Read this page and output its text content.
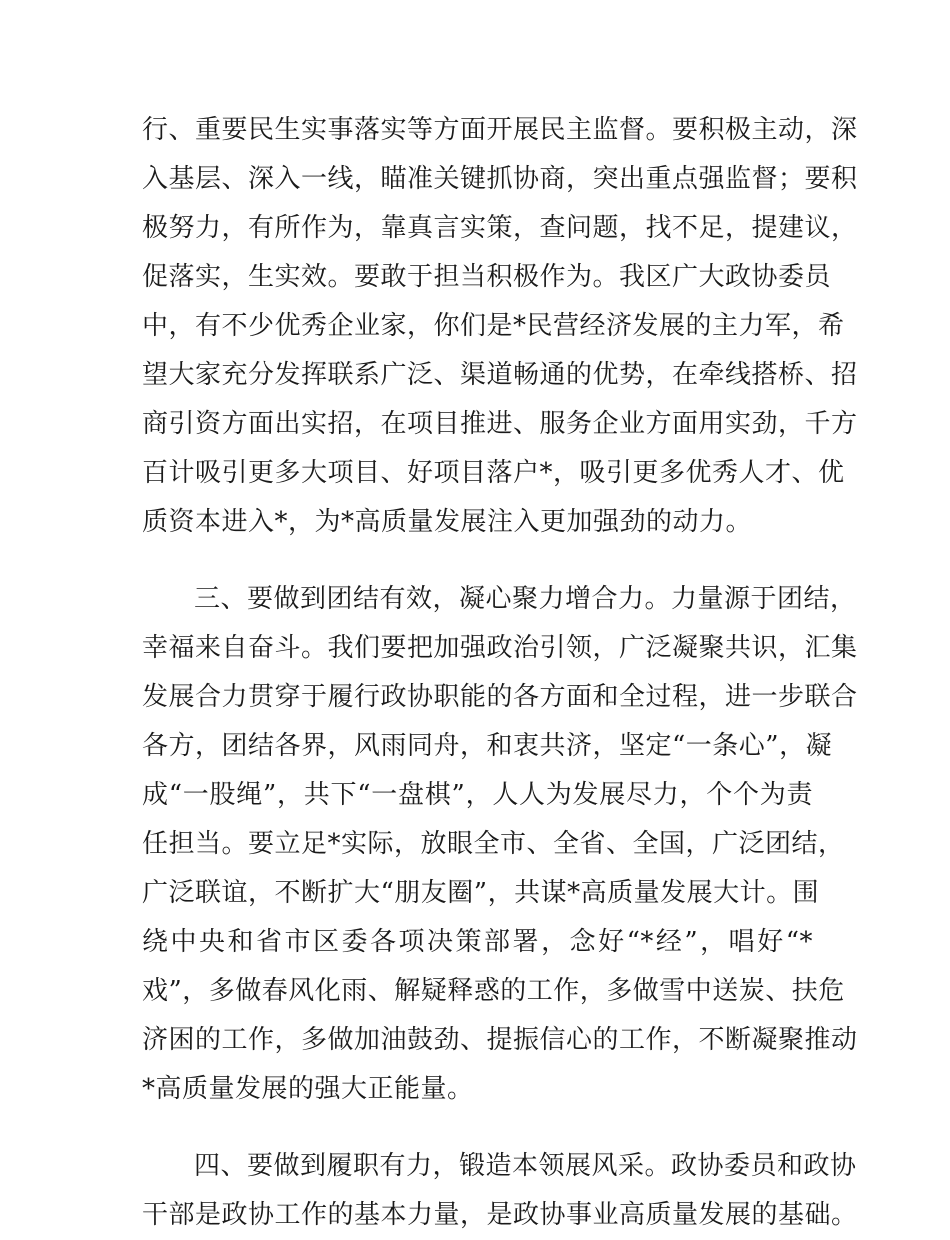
行、重要民生实事落实等方面开展民主监督。要积极主动，深
入基层、深入一线，瞄准关键抓协商，突出重点强监督；要积
极努力，有所作为，靠真言实策，查问题，找不足，提建议，
促落实，生实效。要敢于担当积极作为。我区广大政协委员
中，有不少优秀企业家，你们是*民营经济发展的主力军，希
望大家充分发挥联系广泛、渠道畅通的优势，在牵线搭桥、招
商引资方面出实招，在项目推进、服务企业方面用实劲，千方
百计吸引更多大项目、好项目落户*，吸引更多优秀人才、优
质资本进入*，为*高质量发展注入更加强劲的动力。
三、要做到团结有效，凝心聚力增合力。力量源于团结，
幸福来自奋斗。我们要把加强政治引领，广泛凝聚共识，汇集
发展合力贯穿于履行政协职能的各方面和全过程，进一步联合
各方，团结各界，风雨同舟，和衷共济，坚定“一条心”，凝
成“一股绳”，共下“一盘棋”，人人为发展尽力，个个为责
任担当。要立足*实际，放眼全市、全省、全国，广泛团结，
广泛联谊，不断扩大“朋友圈”，共谋*高质量发展大计。围
绕中央和省市区委各项决策部署，念好“*经”，唱好“*
戏”，多做春风化雨、解疑释惑的工作，多做雪中送炭、扶危
济困的工作，多做加油鼓劲、提振信心的工作，不断凝聚推动
*高质量发展的强大正能量。
四、要做到履职有力，锻造本领展风采。政协委员和政协
干部是政协工作的基本力量，是政协事业高质量发展的基础。
